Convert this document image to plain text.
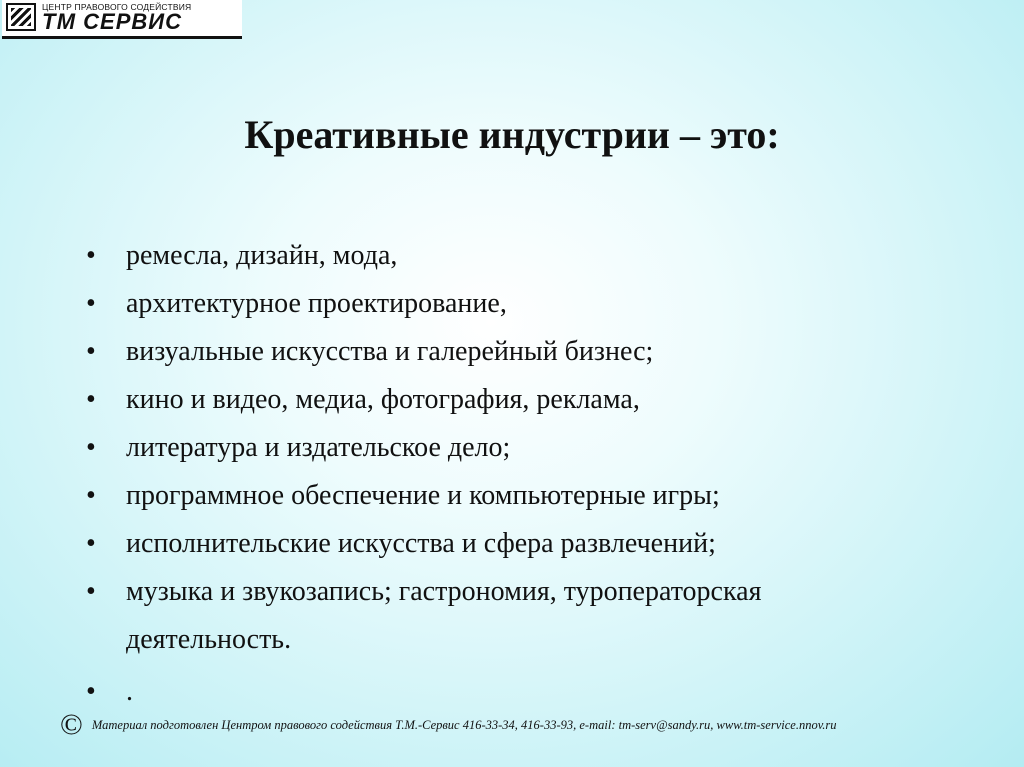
ЦЕНТР ПРАВОВОГО СОДЕЙСТВИЯ
ТМ СЕРВИС
Креативные индустрии – это:
• ремесла, дизайн, мода,
• архитектурное проектирование,
• визуальные искусства и галерейный бизнес;
• кино и видео, медиа, фотография, реклама,
• литература и издательское дело;
• программное обеспечение и компьютерные игры;
• исполнительские искусства и сфера развлечений;
• музыка и звукозапись; гастрономия, туроператорская
деятельность.
• .
© Материал подготовлен Центром правового содействия Т.М.-Сервис 416-33-34, 416-33-93, e-mail: tm-serv@sandy.ru, www.tm-service.nnov.ru
